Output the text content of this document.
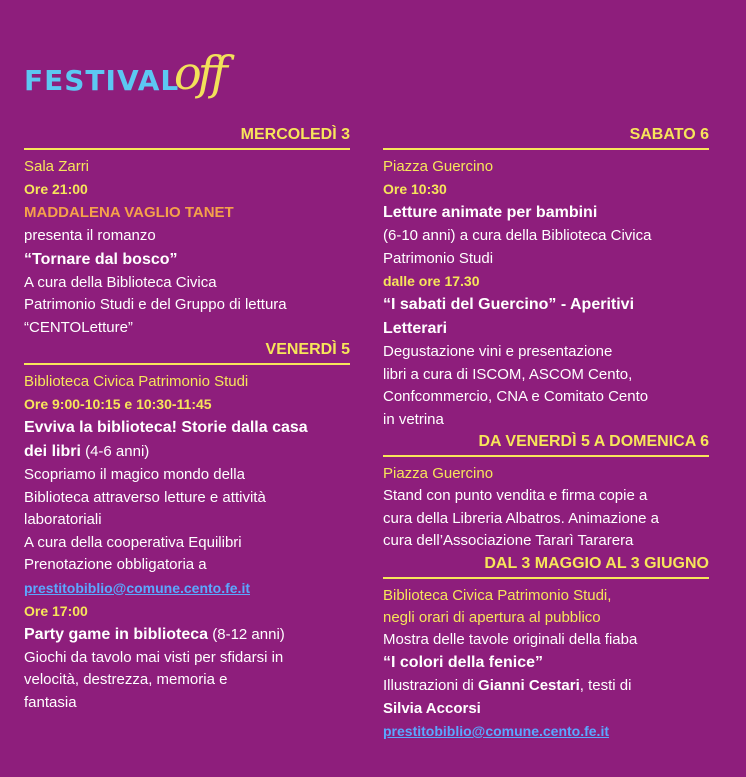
FESTIVAL
off
MERCOLEDÌ 3
Sala Zarri
Ore 21:00
MADDALENA VAGLIO TANET
presenta il romanzo
“Tornare dal bosco”
A cura della Biblioteca Civica
Patrimonio Studi e del Gruppo di lettura
“CENTOLetture”
VENERDÌ 5
Biblioteca Civica Patrimonio Studi
Ore 9:00-10:15 e 10:30-11:45
Evviva la biblioteca! Storie dalla casa
dei libri (4-6 anni)
Scopriamo il magico mondo della
Biblioteca attraverso letture e attività
laboratoriali
A cura della cooperativa Equilibri
Prenotazione obbligatoria a
prestitobiblio@comune.cento.fe.it
Ore 17:00
Party game in biblioteca (8-12 anni)
Giochi da tavolo mai visti per sfidarsi in
velocità, destrezza, memoria e
fantasia
SABATO 6
Piazza Guercino
Ore 10:30
Letture animate per bambini
(6-10 anni) a cura della Biblioteca Civica
Patrimonio Studi
dalle ore 17.30
“I sabati del Guercino” - Aperitivi
Letterari
Degustazione vini e presentazione
libri a cura di ISCOM, ASCOM Cento,
Confcommercio, CNA e Comitato Cento
in vetrina
DA VENERDÌ 5 A DOMENICA 6
Piazza Guercino
Stand con punto vendita e firma copie a
cura della Libreria Albatros. Animazione a
cura dell’Associazione Tararì Tararera
DAL 3 MAGGIO AL 3 GIUGNO
Biblioteca Civica Patrimonio Studi,
negli orari di apertura al pubblico
Mostra delle tavole originali della fiaba
“I colori della fenice”
Illustrazioni di Gianni Cestari, testi di
Silvia Accorsi
prestitobiblio@comune.cento.fe.it
